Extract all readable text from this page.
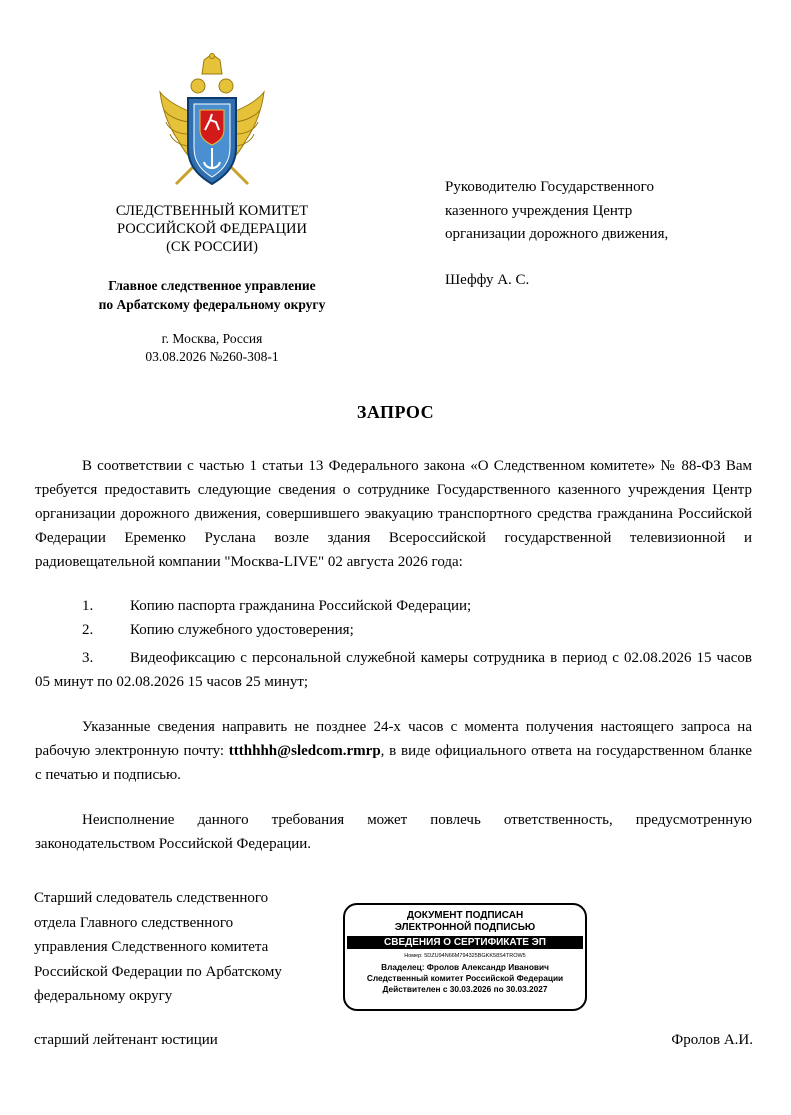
СЛЕДСТВЕННЫЙ КОМИТЕТ
РОССИЙСКОЙ ФЕДЕРАЦИИ
(СК РОССИИ)
Главное следственное управление
по Арбатскому федеральному округу
г. Москва, Россия
03.08.2026 №260-308-1
Руководителю Государственного
казенного учреждения Центр
организации дорожного движения,
Шеффу А. С.
ЗАПРОС
В соответствии с частью 1 статьи 13 Федерального закона «О Следственном комитете» № 88-ФЗ Вам требуется предоставить следующие сведения о сотруднике Государственного казенного учреждения Центр организации дорожного движения, совершившего эвакуацию транспортного средства гражданина Российской Федерации Еременко Руслана возле здания Всероссийской государственной телевизионной и радиовещательной компании "Москва-LIVE" 02 августа 2026 года:
1. Копию паспорта гражданина Российской Федерации;
2. Копию служебного удостоверения;
3. Видеофиксацию с персональной служебной камеры сотрудника в период с 02.08.2026 15 часов 05 минут по 02.08.2026 15 часов 25 минут;
Указанные сведения направить не позднее 24-х часов с момента получения настоящего запроса на рабочую электронную почту: ttthhhh@sledcom.rmrp, в виде официального ответа на государственном бланке с печатью и подписью.
Неисполнение данного требования может повлечь ответственность, предусмотренную законодательством Российской Федерации.
Старший следователь следственного
отдела Главного следственного
управления Следственного комитета
Российской Федерации по Арбатскому
федеральному округу
ДОКУМЕНТ ПОДПИСАН
ЭЛЕКТРОННОЙ ПОДПИСЬЮ
СВЕДЕНИЯ О СЕРТИФИКАТЕ ЭП
Номер: 5DZU94N66M794325BGKK58S4TROW5
Владелец: Фролов Александр Иванович
Следственный комитет Российской Федерации
Действителен с 30.03.2026 по 30.03.2027
старший лейтенант юстиции	Фролов А.И.
